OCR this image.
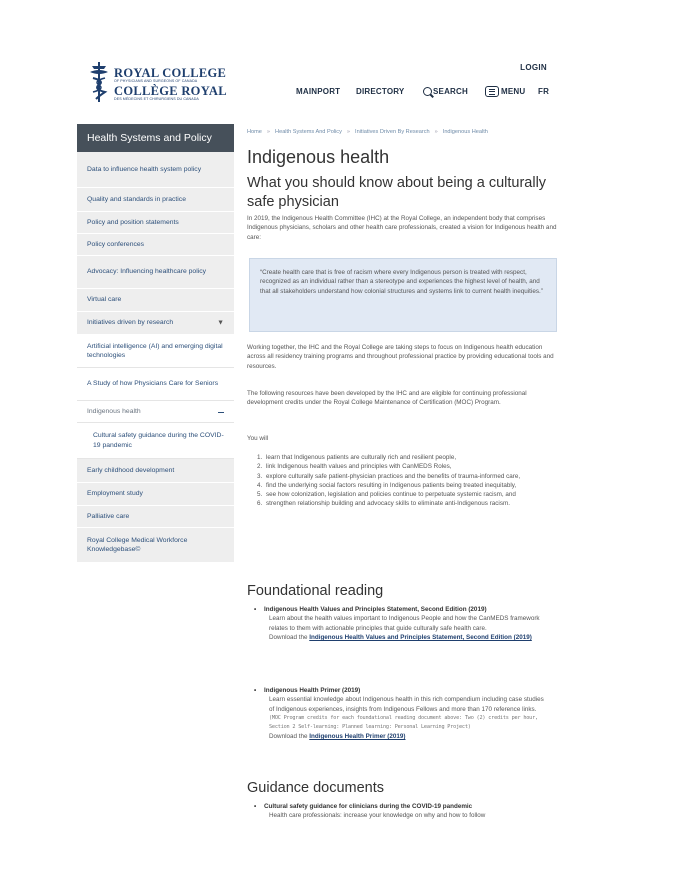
ROYAL COLLEGE
OF PHYSICIANS AND SURGEONS OF CANADA
COLLÈGE ROYAL
DES MÉDECINS ET CHIRURGIENS DU CANADA
LOGIN
MAINPORT DIRECTORY	SEARCH	MENU FR
Health Systems and Policy
Data to influence health system policy
Quality and standards in practice
Policy and position statements
Policy conferences
Advocacy: Influencing healthcare policy
Virtual care
Initiatives driven by research	▼
Artificial intelligence (AI) and emerging digital technologies
A Study of how Physicians Care for Seniors
Indigenous health
Cultural safety guidance during the COVID-19 pandemic
Early childhood development
Employment study
Palliative care
Royal College Medical Workforce Knowledgebase©
Home » Health Systems And Policy » Initiatives Driven By Research » Indigenous Health
Indigenous health
What you should know about being a culturally safe physician
In 2019, the Indigenous Health Committee (IHC) at the Royal College, an independent body that comprises Indigenous physicians, scholars and other health care professionals, created a vision for Indigenous health and care:
“Create health care that is free of racism where every Indigenous person is treated with respect, recognized as an individual rather than a stereotype and experiences the highest level of health, and that all stakeholders understand how colonial structures and systems link to current health inequities.”
Working together, the IHC and the Royal College are taking steps to focus on Indigenous health education across all residency training programs and throughout professional practice by providing educational tools and resources.
The following resources have been developed by the IHC and are eligible for continuing professional development credits under the Royal College Maintenance of Certification (MOC) Program.
You will
1. learn that Indigenous patients are culturally rich and resilient people,
2. link Indigenous health values and principles with CanMEDS Roles,
3. explore culturally safe patient-physician practices and the benefits of trauma-informed care,
4. find the underlying social factors resulting in Indigenous patients being treated inequitably,
5. see how colonization, legislation and policies continue to perpetuate systemic racism, and
6. strengthen relationship building and advocacy skills to eliminate anti-Indigenous racism.
Foundational reading
• Indigenous Health Values and Principles Statement, Second Edition (2019)
Learn about the health values important to Indigenous People and how the CanMEDS framework relates to them with actionable principles that guide culturally safe health care.
Download the Indigenous Health Values and Principles Statement, Second Edition (2019)
• Indigenous Health Primer (2019)
Learn essential knowledge about Indigenous health in this rich compendium including case studies of Indigenous experiences, insights from Indigenous Fellows and more than 170 reference links.
(MOC Program credits for each foundational reading document above: Two (2) credits per hour, Section 2 Self-learning: Planned learning: Personal Learning Project)
Download the Indigenous Health Primer (2019)
Guidance documents
• Cultural safety guidance for clinicians during the COVID-19 pandemic
Health care professionals: increase your knowledge on why and how to follow
